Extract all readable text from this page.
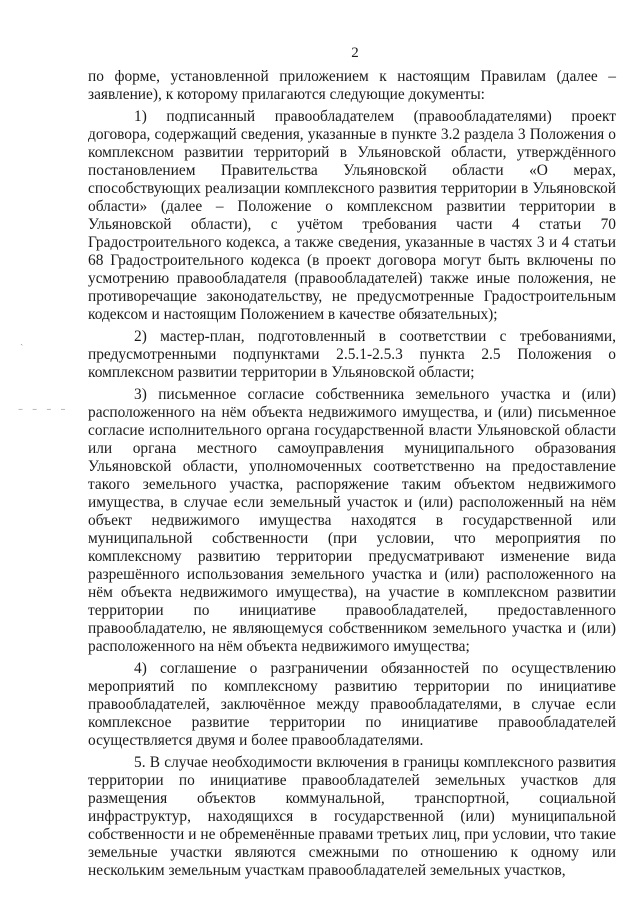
˴
– – – –
2

по форме, установленной приложением к настоящим Правилам (далее – заявление), к которому прилагаются следующие документы:

1) подписанный правообладателем (правообладателями) проект договора, содержащий сведения, указанные в пункте 3.2 раздела 3 Положения о комплексном развитии территорий в Ульяновской области, утверждённого постановлением Правительства Ульяновской области «О мерах, способствующих реализации комплексного развития территории в Ульяновской области» (далее – Положение о комплексном развитии территории в Ульяновской области), с учётом требования части 4 статьи 70 Градостроительного кодекса, а также сведения, указанные в частях 3 и 4 статьи 68 Градостроительного кодекса (в проект договора могут быть включены по усмотрению правообладателя (правообладателей) также иные положения, не противоречащие законодательству, не предусмотренные Градостроительным кодексом и настоящим Положением в качестве обязательных);

2) мастер-план, подготовленный в соответствии с требованиями, предусмотренными подпунктами 2.5.1-2.5.3 пункта 2.5 Положения о комплексном развитии территории в Ульяновской области;

3) письменное согласие собственника земельного участка и (или) расположенного на нём объекта недвижимого имущества, и (или) письменное согласие исполнительного органа государственной власти Ульяновской области или органа местного самоуправления муниципального образования Ульяновской области, уполномоченных соответственно на предоставление такого земельного участка, распоряжение таким объектом недвижимого имущества, в случае если земельный участок и (или) расположенный на нём объект недвижимого имущества находятся в государственной или муниципальной собственности (при условии, что мероприятия по комплексному развитию территории предусматривают изменение вида разрешённого использования земельного участка и (или) расположенного на нём объекта недвижимого имущества), на участие в комплексном развитии территории по инициативе правообладателей, предоставленного правообладателю, не являющемуся собственником земельного участка и (или) расположенного на нём объекта недвижимого имущества;

4) соглашение о разграничении обязанностей по осуществлению мероприятий по комплексному развитию территории по инициативе правообладателей, заключённое между правообладателями, в случае если комплексное развитие территории по инициативе правообладателей осуществляется двумя и более правообладателями.

5. В случае необходимости включения в границы комплексного развития территории по инициативе правообладателей земельных участков для размещения объектов коммунальной, транспортной, социальной инфраструктур, находящихся в государственной (или) муниципальной собственности и не обременённые правами третьих лиц, при условии, что такие земельные участки являются смежными по отношению к одному или нескольким земельным участкам правообладателей земельных участков,
